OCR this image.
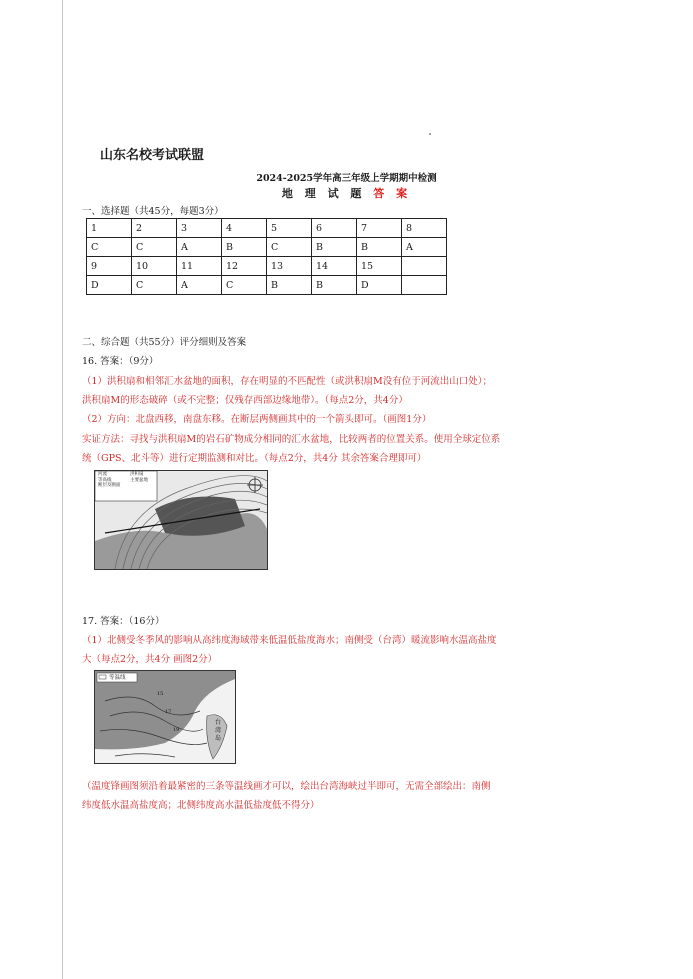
山东名校考试联盟
2024-2025学年高三年级上学期期中检测
地 理 试 题 答 案
一、选择题（共45分，每题3分）
1	2	3	4	5	6	7	8
C	C	A	B	C	B	B	A
9	10	11	12	13	14	15	
D	C	A	C	B	B	D	
二、综合题（共55分）评分细则及答案
16. 答案：（9分）
（1）洪积扇和相邻汇水盆地的面积，存在明显的不匹配性（或洪积扇M没有位于河流出山口处）；
洪积扇M的形态破碎（或不完整；仅残存西部边缘地带）。（每点2分，共4分）
（2）方向：北盘西移，南盘东移。在断层两侧画其中的一个箭头即可。（画图1分）
实证方法：寻找与洪积扇M的岩石矿物成分相同的汇水盆地，比较两者的位置关系。使用全球定位系
统（GPS、北斗等）进行定期监测和对比。（每点2分，共4分 其余答案合理即可）
河流
等高线
断层及断面
洪积扇
主要盆地
17. 答案：（16分）
（1）北侧受冬季风的影响从高纬度海域带来低温低盐度海水；南侧受（台湾）暖流影响水温高盐度
大（每点2分，共4分 画图2分）
等温线
15
17
19
台
湾
岛
（温度锋画图须沿着最紧密的三条等温线画才可以，绘出台湾海峡过半即可，无需全部绘出：南侧
纬度低水温高盐度高；北侧纬度高水温低盐度低不得分）
